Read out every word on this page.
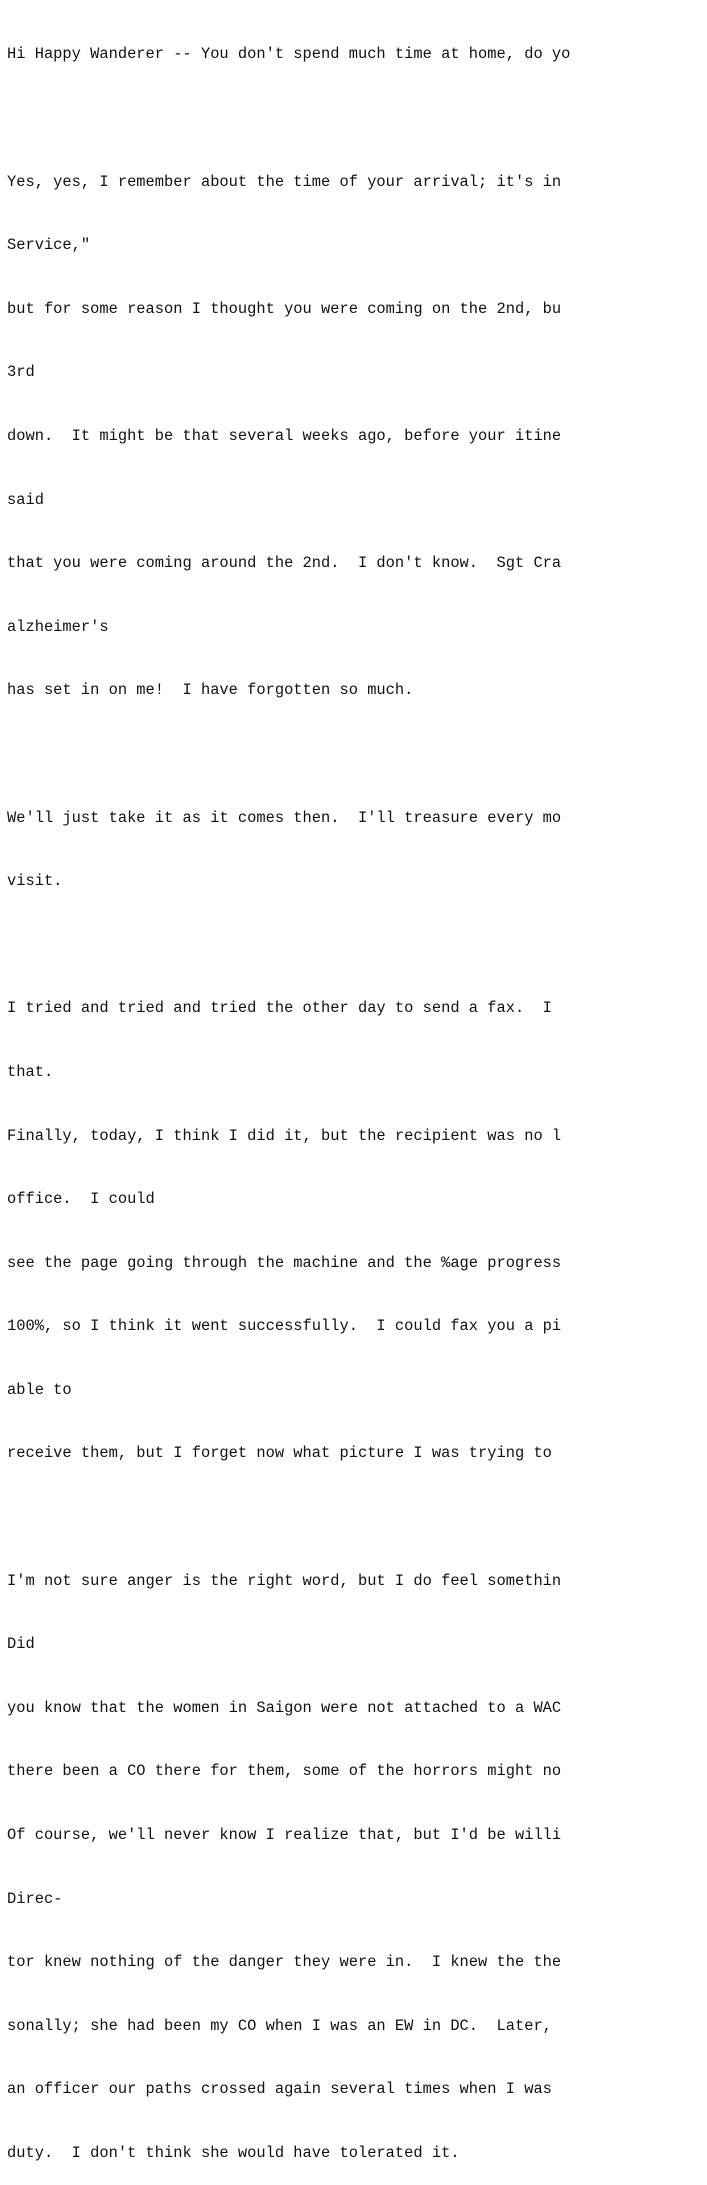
Hi Happy Wanderer -- You don't spend much time at home, do yo

Yes, yes, I remember about the time of your arrival; it's in

Service,"

but for some reason I thought you were coming on the 2nd, bu

3rd

down.  It might be that several weeks ago, before your itine

said

that you were coming around the 2nd.  I don't know.  Sgt Cra

alzheimer's

has set in on me!  I have forgotten so much.

We'll just take it as it comes then.  I'll treasure every mo

visit.

I tried and tried and tried the other day to send a fax.  I

that.

Finally, today, I think I did it, but the recipient was no l

office.  I could

see the page going through the machine and the %age progress

100%, so I think it went successfully.  I could fax you a pi

able to

receive them, but I forget now what picture I was trying to

I'm not sure anger is the right word, but I do feel somethin

Did

you know that the women in Saigon were not attached to a WAC

there been a CO there for them, some of the horrors might no

Of course, we'll never know I realize that, but I'd be willi

Direc-

tor knew nothing of the danger they were in.  I knew the the

sonally; she had been my CO when I was an EW in DC.  Later,

an officer our paths crossed again several times when I was

duty.  I don't think she would have tolerated it.
